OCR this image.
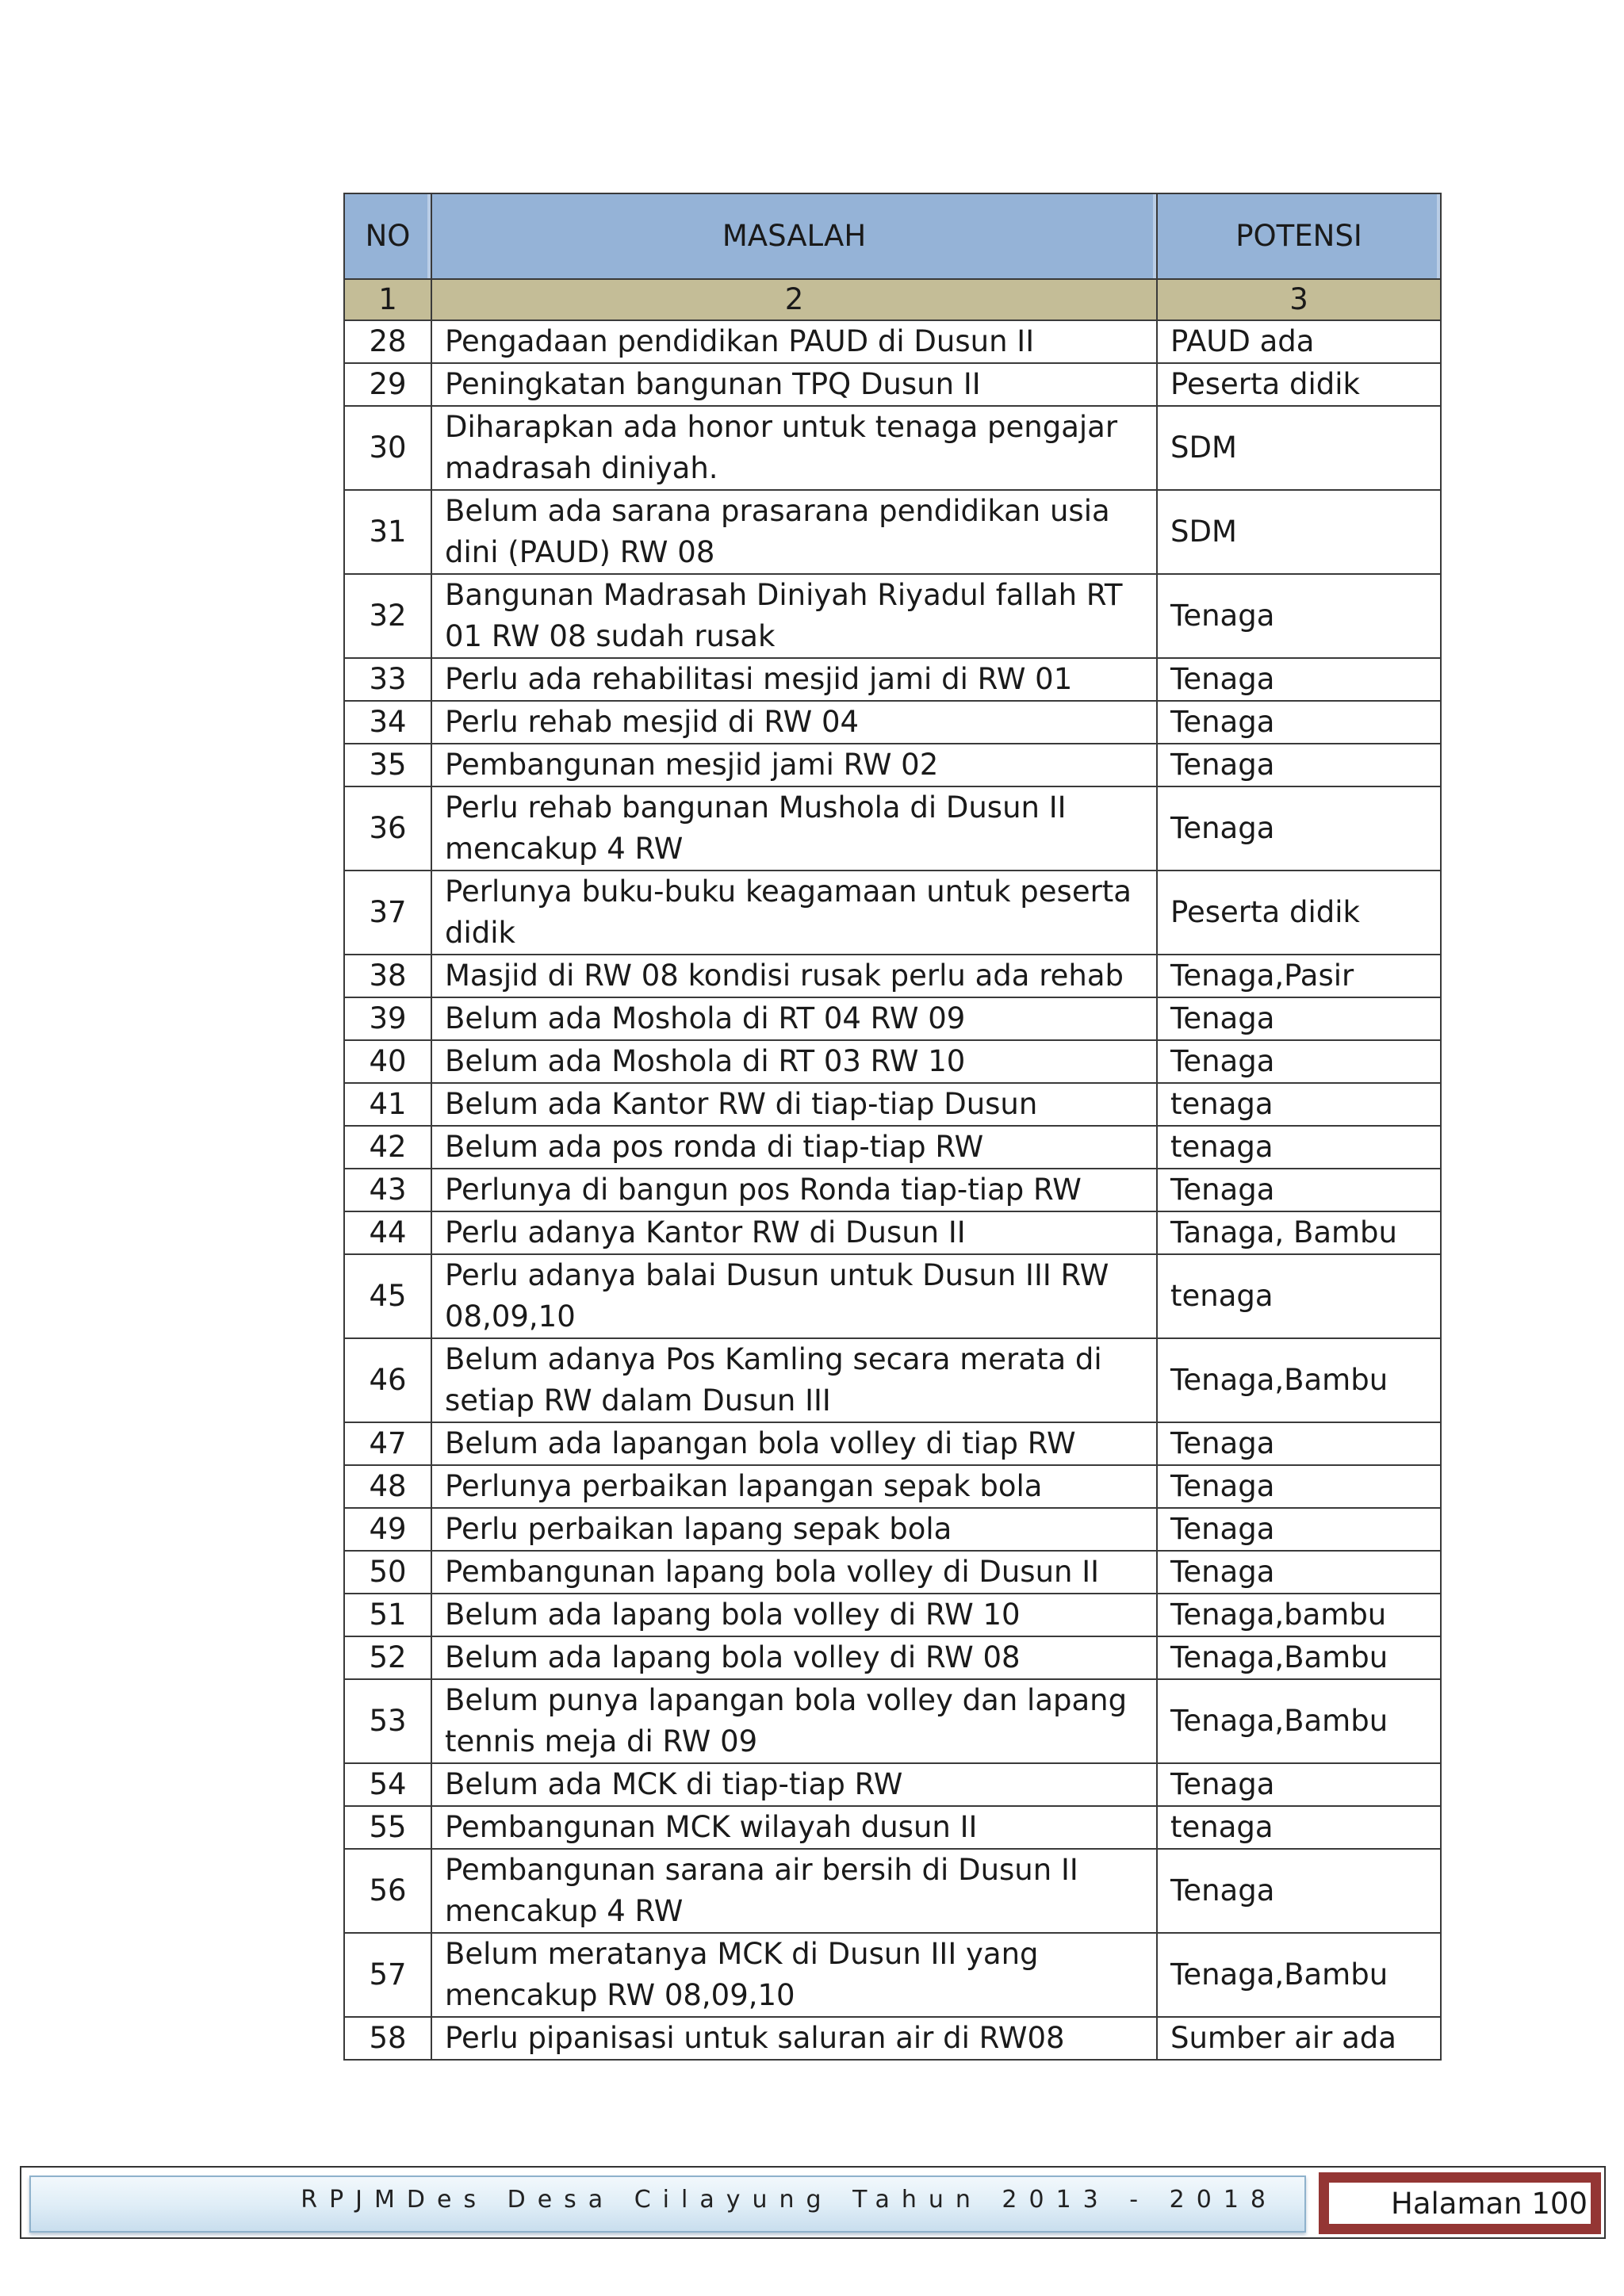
NO	MASALAH	POTENSI
1	2	3
28	Pengadaan pendidikan PAUD di Dusun II	PAUD ada
29	Peningkatan bangunan TPQ Dusun II	Peserta didik
30	Diharapkan ada honor untuk tenaga pengajar madrasah diniyah.	SDM
31	Belum ada sarana prasarana pendidikan usia dini (PAUD) RW 08	SDM
32	Bangunan Madrasah Diniyah Riyadul fallah RT 01 RW 08 sudah rusak	Tenaga
33	Perlu ada rehabilitasi mesjid jami di RW 01	Tenaga
34	Perlu rehab mesjid di RW 04	Tenaga
35	Pembangunan mesjid jami RW 02	Tenaga
36	Perlu rehab bangunan Mushola di Dusun II mencakup 4 RW	Tenaga
37	Perlunya buku-buku keagamaan untuk peserta didik	Peserta didik
38	Masjid di RW 08 kondisi rusak perlu ada rehab	Tenaga,Pasir
39	Belum ada Moshola di RT 04 RW 09	Tenaga
40	Belum ada Moshola di RT 03 RW 10	Tenaga
41	Belum ada Kantor RW di tiap-tiap Dusun	tenaga
42	Belum ada pos ronda di tiap-tiap RW	tenaga
43	Perlunya di bangun pos Ronda tiap-tiap RW	Tenaga
44	Perlu adanya Kantor RW di Dusun II	Tanaga, Bambu
45	Perlu adanya balai Dusun untuk Dusun III RW 08,09,10	tenaga
46	Belum adanya Pos Kamling secara merata di setiap RW dalam Dusun III	Tenaga,Bambu
47	Belum ada lapangan bola volley di tiap RW	Tenaga
48	Perlunya perbaikan lapangan sepak bola	Tenaga
49	Perlu perbaikan lapang sepak bola	Tenaga
50	Pembangunan lapang bola volley di Dusun II	Tenaga
51	Belum ada lapang bola volley di RW 10	Tenaga,bambu
52	Belum ada lapang bola volley di RW 08	Tenaga,Bambu
53	Belum punya lapangan bola volley dan lapang tennis meja di RW 09	Tenaga,Bambu
54	Belum ada MCK di tiap-tiap RW	Tenaga
55	Pembangunan MCK wilayah dusun II	tenaga
56	Pembangunan sarana air bersih di Dusun II mencakup 4 RW	Tenaga
57	Belum meratanya MCK di Dusun III yang mencakup RW 08,09,10	Tenaga,Bambu
58	Perlu pipanisasi untuk saluran air di RW08	Sumber air ada
RPJMDes Desa Cilayung Tahun 2013 - 2018	Halaman 100
